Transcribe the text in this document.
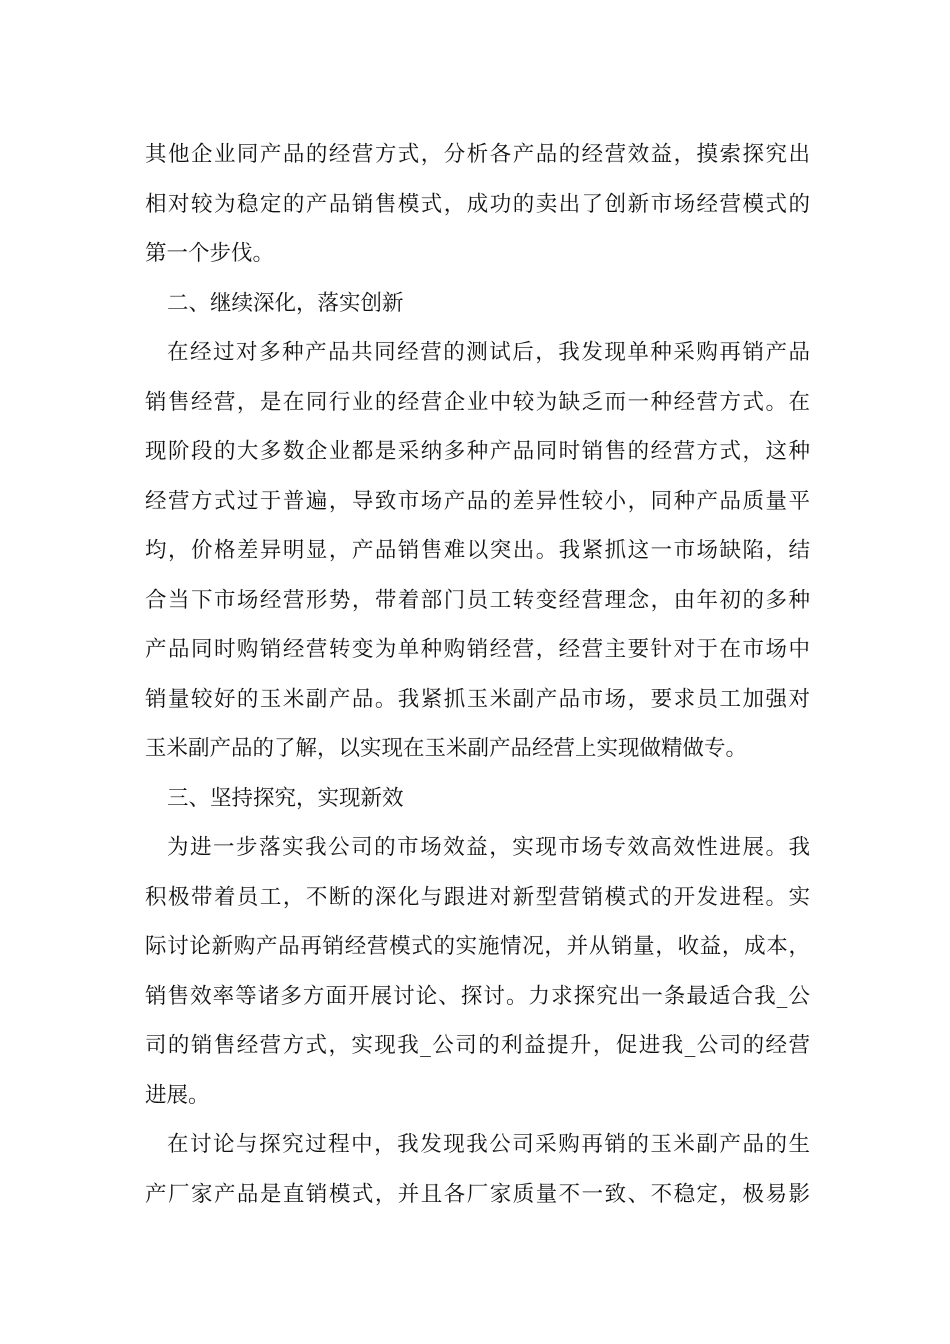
其他企业同产品的经营方式，分析各产品的经营效益，摸索探究出
相对较为稳定的产品销售模式，成功的卖出了创新市场经营模式的
第一个步伐。
二、继续深化，落实创新
在经过对多种产品共同经营的测试后，我发现单种采购再销产品
销售经营，是在同行业的经营企业中较为缺乏而一种经营方式。在
现阶段的大多数企业都是采纳多种产品同时销售的经营方式，这种
经营方式过于普遍，导致市场产品的差异性较小，同种产品质量平
均，价格差异明显，产品销售难以突出。我紧抓这一市场缺陷，结
合当下市场经营形势，带着部门员工转变经营理念，由年初的多种
产品同时购销经营转变为单种购销经营，经营主要针对于在市场中
销量较好的玉米副产品。我紧抓玉米副产品市场，要求员工加强对
玉米副产品的了解，以实现在玉米副产品经营上实现做精做专。
三、坚持探究，实现新效
为进一步落实我公司的市场效益，实现市场专效高效性进展。我
积极带着员工，不断的深化与跟进对新型营销模式的开发进程。实
际讨论新购产品再销经营模式的实施情况，并从销量，收益，成本，
销售效率等诸多方面开展讨论、探讨。力求探究出一条最适合我_公
司的销售经营方式，实现我_公司的利益提升，促进我_公司的经营
进展。
在讨论与探究过程中，我发现我公司采购再销的玉米副产品的生
产厂家产品是直销模式，并且各厂家质量不一致、不稳定，极易影
